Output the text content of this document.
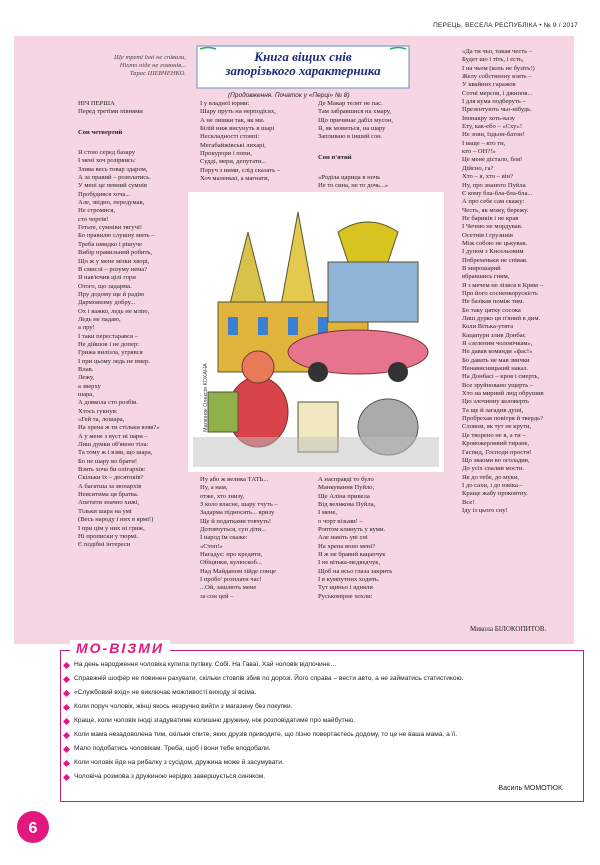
ПЕРЕЦЬ. ВЕСЕЛА РЕСПУБЛІКА • № 9 / 2017
Ще треті їхні не співали,
Ніхто ніде не гомонів...
Тарас ШЕВЧЕНКО.
Книга віщих снів
запорізького характерника
(Продовження. Початок у «Перці» № 8)
НІЧ ПЕРША
Перед третіми півнями
Сон четвертий
Я стою серед базару
І мені хоч розірвись:
Злива весь товар здаром,
А за правий – розплатись.
У мені це певний сумнів
Пробудився хоча...
Але, звідно, передумав,
Не стромися,
сто чортів!
Гетьте, сумніви тягучі!
Бо правилю слушну мить –
Треба швидко і рішуче
Вибір правильний робить,
Що ж у мене мізки хворі,
В смислі – розуму нема?
Я нав'ючив цілі гори
Отого, що задарма.
Пру додому ще й радію
Дармовизму добру...
Ох і важко, ледь не млію,
Ледь не падаю,
а пру!
І таки перестарався –
Не дійшов і не допер:
Грижа вилізла, угрявся
І при цьому ледь не вмер.
Влав.
Лежу,
а зверху
шара,
А довкола сто розбів.
Хтось гукнув:
«Гей та, лошара,
На хрена ж ти стільки взяв?»
А у мене з вуст ні пари –
Лиш думки об'явою тіла:
Та тому ж і взяв, що шара,
Бо не шару во брати!
Взять хоча би олігархів:
Скільки їх – десятоків?
А багатша за монархів
Невситима ця братва.
Апетити значно хижі,
Тільки шара на умі
(Весь народу і них в ярмі!)
І при цім у них ні гриж,
Ні прописки у тюрмі.
Є подібні інтереси
І у владної юрми:
Шару пруть на нерподісях,
А не лишки так, як ми.
Білій ниж висунуть в шарі
Нескладності стовпі:
Мегабайжівські лихарі,
Прокурори і попи,
Судді, мери, депутати...
Поруч з ними, слід сказать –
Хоч маленькі, а магнати,
Де Макар телят не пас.
Там забравшися на хмару,
Що причинає дабіл мусон,
Я, як мовиться, на шару
Запливаю в інший сон.
Сон п'ятий
«Роділа царица в ночь
Не то сина, не то дочь...»
«Да ти чьо, такая честь –
Будет шо і тіть, і єсть,
І на чьом (коль не бузіть!)
Желу собственну взять –
У квайних гаражов
Сотні мерсов, і джипов...
І для кума подберуть –
Презентують чьо-нібудь.
Інонакру хоть-казу
Ету, как-ебо – «Сху»!
Не зови, їздьон-батон!
І ваще – кто ти,
кто – ОН?!»
Це мене дістало, бля!
Дійсно, га?
Хто – я, хто – він?
Ну, про знаного Пуйла
Є кому бла-бла-бла-бла...
А про себе сам скажу:
Честь, як можу, бережу.
Не бариків і не крав
І Чечню не мордував.
Осетнів і грузинів
Між собою не цькував.
І дупом з Кисельовим
Побрехеньки не співав.
В мирошарий
вбравшись гним,
Я з мечем не лізвся в Крим –
Про його сосненкорускість
Не базікав поміж тим.
Бо таку цятку сосока
Лиш дурко ця п'яний в дим.
Коли Вітька-утята
Кацапури злив Донбас
Я «зеленим чоловічкам»,
Не давав команди «фас!»
Бо давать не мав звички
Ненависницький наказ.
На Донбасі – кров і смерть,
Все зруйновано ущерть –
Хто на мирний люд обрушив
Цю злочинну коловерть
Та ще й загадив душі,
Пробрехав повітря й твердь?
Словом, як тут не крути,
Це творено не я, а ти –
Кровожерливий тиране,
Гаспид, Господи прости!
Що зваоми во оголадив,
До усіх спалив мости.
Як до тебе, до муки,
І до сахи, і до ювіка –
Краще жабу проковтну.
Все!
Іду із цього сну!
Ну або ж велика ТАТЬ...
Ну, а нам,
отже, хто знизу,
З коло власне, шару тчуть –
Задарма підносять... кризу
Ще й податками товчуть!
Дотовчуться, сун діти...
І народ їм скаже:
«Стоп!»
Нагадує: про кредити,
Обіцянки, кулюскоб...
Над Майданом зійде сонце
І пробо' розплати час!
...Ой, зашлють мене
за сон цей –
А насправді то було
Манкування Пуйло,
Ще Аліна привела
Від великова Пуйла,
І мене,
о чорт візьми! –
Роптом клинуть у куми.
Але навіть уві сні
На хрена воно мені?
Я ж не бравий кацапчук
І не вітька-медведчук,
Щоб на всьо глаза закрить
І в кумпутних ходить.
Тут щиньо і ядняли
Руськомірне хохли:
Малюнок Олексія КОХАНА
Микола БІЛОКОПИТОВ.
МО-ВІЗМИ
На день народження чоловіка купила путівку. Собі. На Гаваї. Хай чоловік відпочине…
Справжній шофер не повинен рахувати, скільки стовпів збив по дорозі. Його справа – вести авто, а не займатись статистикою.
«Службовий вхід» не виключає можливості виходу зі всіма.
Коли поруч чоловік, жінці якось незручно вийти з магазину без покупки.
Краще, коли чоловік іноді згадуватиме колишню дружину, ніж розповідатиме про майбутню.
Коли мама незадоволена тим, скільки спите, яких друзів приводите, що пізно повертаєтесь додому, то це не ваша мама, а її.
Мало подобатись чоловікам. Треба, щоб і вони тебе вподобали.
Коли чоловік йде на рибалку з сусідом, дружина може й засумувати.
Чоловіча розмова з дружиною нерідко завершується синяком.
Василь МОМОТЮК.
6
